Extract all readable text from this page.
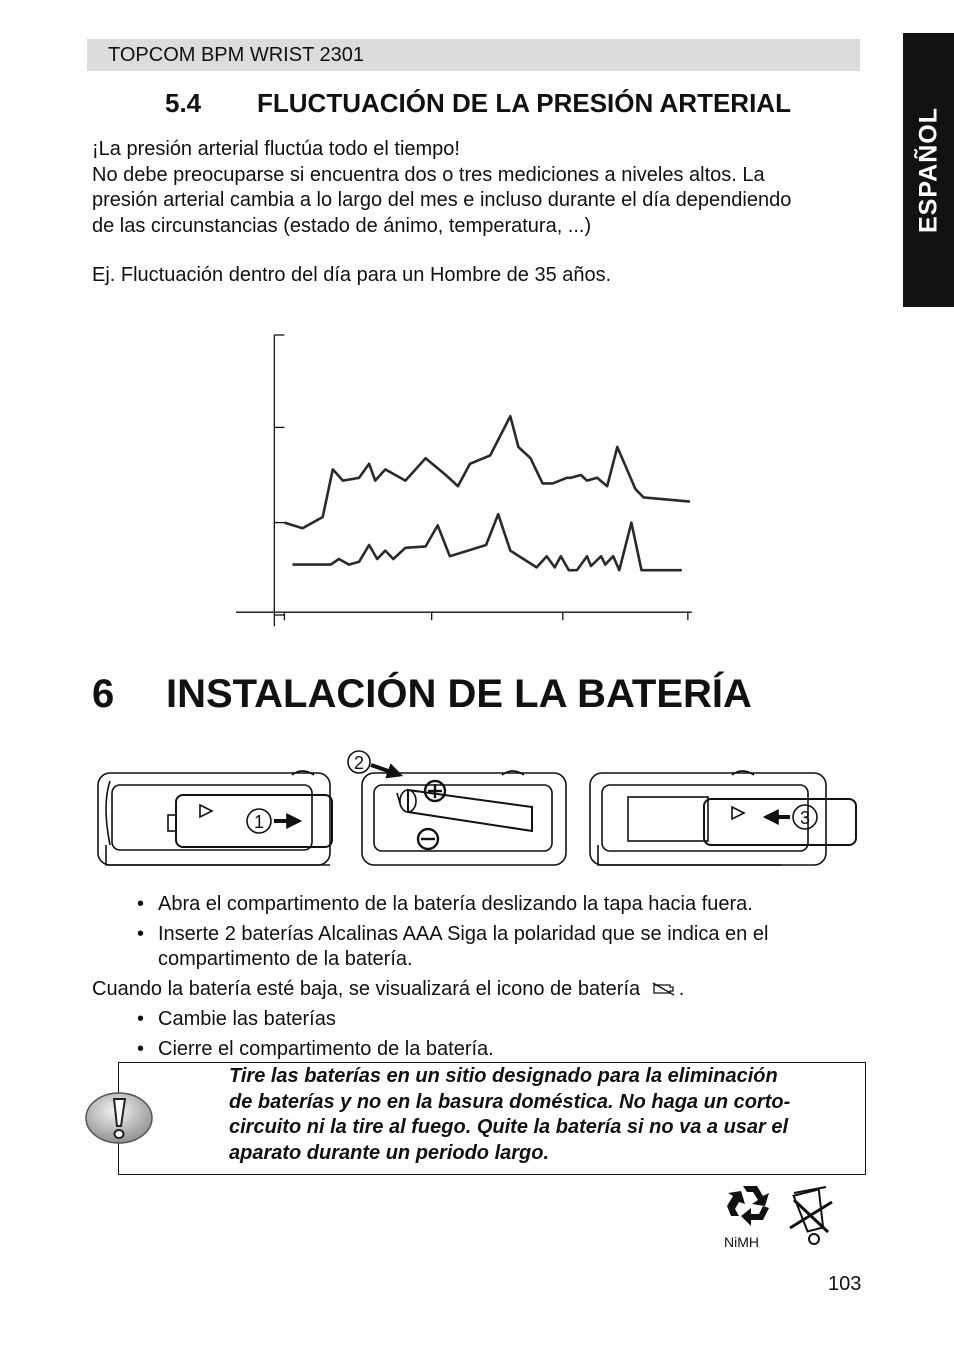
TOPCOM BPM WRIST 2301
ESPAÑOL
5.4 FLUCTUACIÓN DE LA PRESIÓN ARTERIAL

¡La presión arterial fluctúa todo el tiempo!

No debe preocuparse si encuentra dos o tres mediciones a niveles altos. La

presión arterial cambia a lo largo del mes e incluso durante el día dependiendo

de las circunstancias (estado de ánimo, temperatura, ...)

Ej. Fluctuación dentro del día para un Hombre de 35 años.
6 INSTALACIÓN DE LA BATERÍA
2
1	3
• Abra el compartimento de la batería deslizando la tapa hacia fuera.
• Inserte 2 baterías Alcalinas AAA Siga la polaridad que se indica en el
compartimento de la batería.
Cuando la batería esté baja, se visualizará el icono de batería .
• Cambie las baterías
• Cierre el compartimento de la batería.
Tire las baterías en un sitio designado para la eliminación
de baterías y no en la basura doméstica. No haga un corto-
circuito ni la tire al fuego. Quite la batería si no va a usar el
aparato durante un periodo largo.
NiMH
103
